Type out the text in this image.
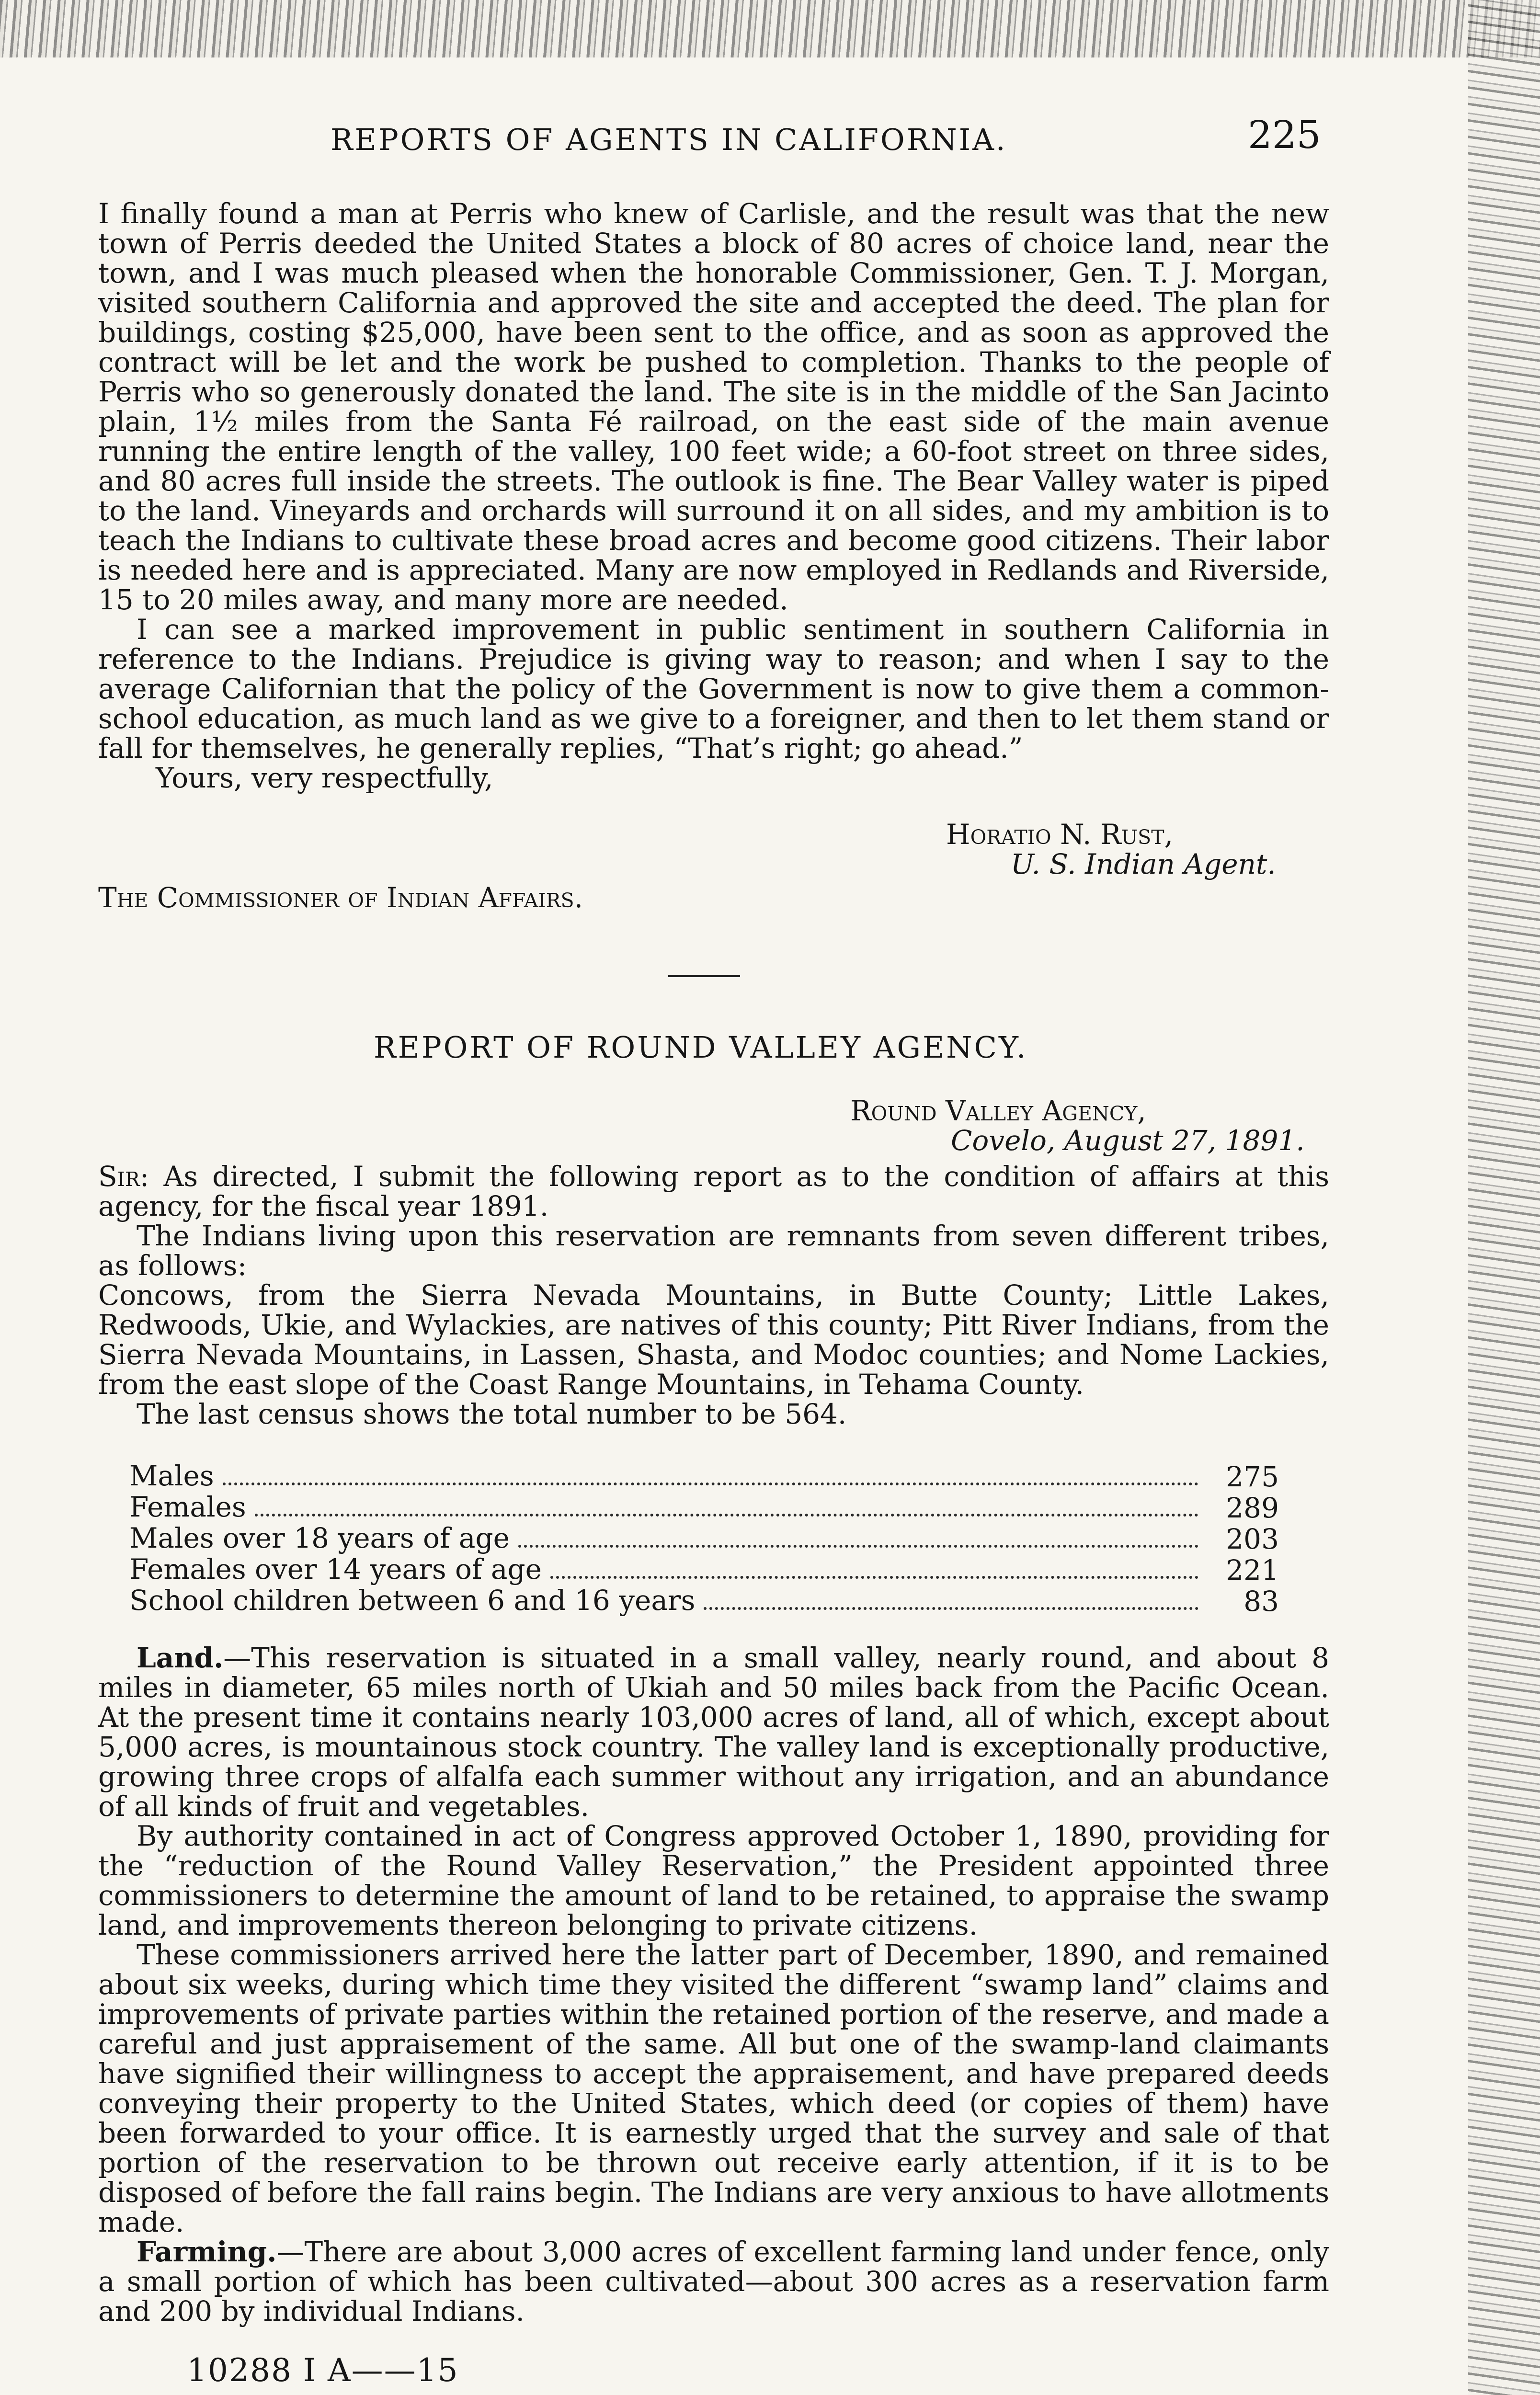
REPORTS OF AGENTS IN CALIFORNIA.	225

I finally found a man at Perris who knew of Carlisle, and the result was that the new town of Perris deeded the United States a block of 80 acres of choice land, near the town, and I was much pleased when the honorable Commissioner, Gen. T. J. Morgan, visited southern California and approved the site and accepted the deed. The plan for buildings, costing $25,000, have been sent to the office, and as soon as approved the contract will be let and the work be pushed to completion. Thanks to the people of Perris who so generously donated the land. The site is in the middle of the San Jacinto plain, 1½ miles from the Santa Fé railroad, on the east side of the main avenue running the entire length of the valley, 100 feet wide; a 60-foot street on three sides, and 80 acres full inside the streets. The outlook is fine. The Bear Valley water is piped to the land. Vineyards and orchards will surround it on all sides, and my ambition is to teach the Indians to cultivate these broad acres and become good citizens. Their labor is needed here and is appreciated. Many are now employed in Redlands and Riverside, 15 to 20 miles away, and many more are needed.

I can see a marked improvement in public sentiment in southern California in reference to the Indians. Prejudice is giving way to reason; and when I say to the average Californian that the policy of the Government is now to give them a common-school education, as much land as we give to a foreigner, and then to let them stand or fall for themselves, he generally replies, “That’s right; go ahead.”

Yours, very respectfully,

Horatio N. Rust,
U. S. Indian Agent.
The Commissioner of Indian Affairs.
REPORT OF ROUND VALLEY AGENCY.
Round Valley Agency,
Covelo, August 27, 1891.

Sir: As directed, I submit the following report as to the condition of affairs at this agency, for the fiscal year 1891.

The Indians living upon this reservation are remnants from seven different tribes, as follows:

Concows, from the Sierra Nevada Mountains, in Butte County; Little Lakes, Redwoods, Ukie, and Wylackies, are natives of this county; Pitt River Indians, from the Sierra Nevada Mountains, in Lassen, Shasta, and Modoc counties; and Nome Lackies, from the east slope of the Coast Range Mountains, in Tehama County.

The last census shows the total number to be 564.

Males	275

Females	289

Males over 18 years of age	203

Females over 14 years of age	221

School children between 6 and 16 years	83

Land.—This reservation is situated in a small valley, nearly round, and about 8 miles in diameter, 65 miles north of Ukiah and 50 miles back from the Pacific Ocean. At the present time it contains nearly 103,000 acres of land, all of which, except about 5,000 acres, is mountainous stock country. The valley land is exceptionally productive, growing three crops of alfalfa each summer without any irrigation, and an abundance of all kinds of fruit and vegetables.

By authority contained in act of Congress approved October 1, 1890, providing for the “reduction of the Round Valley Reservation,” the President appointed three commissioners to determine the amount of land to be retained, to appraise the swamp land, and improvements thereon belonging to private citizens.

These commissioners arrived here the latter part of December, 1890, and remained about six weeks, during which time they visited the different “swamp land” claims and improvements of private parties within the retained portion of the reserve, and made a careful and just appraisement of the same. All but one of the swamp-land claimants have signified their willingness to accept the appraisement, and have prepared deeds conveying their property to the United States, which deed (or copies of them) have been forwarded to your office. It is earnestly urged that the survey and sale of that portion of the reservation to be thrown out receive early attention, if it is to be disposed of before the fall rains begin. The Indians are very anxious to have allotments made.

Farming.—There are about 3,000 acres of excellent farming land under fence, only a small portion of which has been cultivated—about 300 acres as a reservation farm and 200 by individual Indians.

10288 I A——15
